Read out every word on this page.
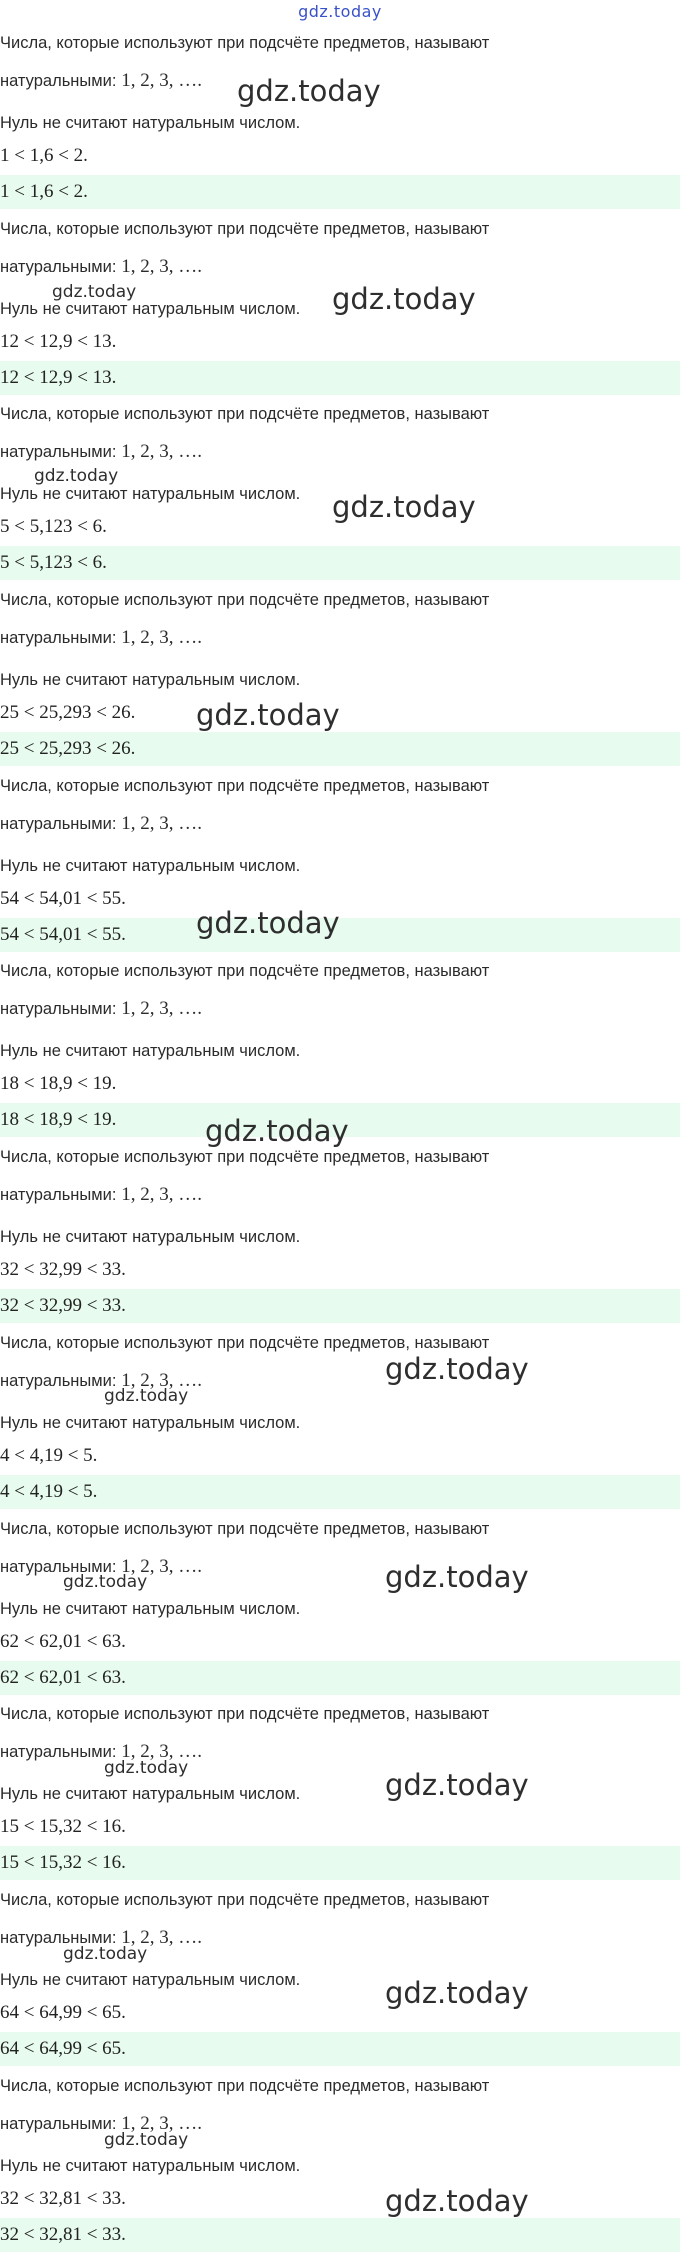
gdz.today
Числа, которые используют при подсчёте предметов, называют
натуральными: 1, 2, 3, ….
Нуль не считают натуральным числом.
1 < 1,6 < 2.
1 < 1,6 < 2.
Числа, которые используют при подсчёте предметов, называют
натуральными: 1, 2, 3, ….
Нуль не считают натуральным числом.
12 < 12,9 < 13.
12 < 12,9 < 13.
Числа, которые используют при подсчёте предметов, называют
натуральными: 1, 2, 3, ….
Нуль не считают натуральным числом.
5 < 5,123 < 6.
5 < 5,123 < 6.
Числа, которые используют при подсчёте предметов, называют
натуральными: 1, 2, 3, ….
Нуль не считают натуральным числом.
25 < 25,293 < 26.
25 < 25,293 < 26.
Числа, которые используют при подсчёте предметов, называют
натуральными: 1, 2, 3, ….
Нуль не считают натуральным числом.
54 < 54,01 < 55.
54 < 54,01 < 55.
Числа, которые используют при подсчёте предметов, называют
натуральными: 1, 2, 3, ….
Нуль не считают натуральным числом.
18 < 18,9 < 19.
18 < 18,9 < 19.
Числа, которые используют при подсчёте предметов, называют
натуральными: 1, 2, 3, ….
Нуль не считают натуральным числом.
32 < 32,99 < 33.
32 < 32,99 < 33.
Числа, которые используют при подсчёте предметов, называют
натуральными: 1, 2, 3, ….
Нуль не считают натуральным числом.
4 < 4,19 < 5.
4 < 4,19 < 5.
Числа, которые используют при подсчёте предметов, называют
натуральными: 1, 2, 3, ….
Нуль не считают натуральным числом.
62 < 62,01 < 63.
62 < 62,01 < 63.
Числа, которые используют при подсчёте предметов, называют
натуральными: 1, 2, 3, ….
Нуль не считают натуральным числом.
15 < 15,32 < 16.
15 < 15,32 < 16.
Числа, которые используют при подсчёте предметов, называют
натуральными: 1, 2, 3, ….
Нуль не считают натуральным числом.
64 < 64,99 < 65.
64 < 64,99 < 65.
Числа, которые используют при подсчёте предметов, называют
натуральными: 1, 2, 3, ….
Нуль не считают натуральным числом.
32 < 32,81 < 33.
32 < 32,81 < 33.
gdz.today
gdz.today	gdz.today
gdz.today
gdz.today
gdz.today
gdz.today
gdz.today
gdz.today
gdz.today
gdz.today	gdz.today
gdz.today	gdz.today
gdz.today
gdz.today
gdz.today
gdz.today
